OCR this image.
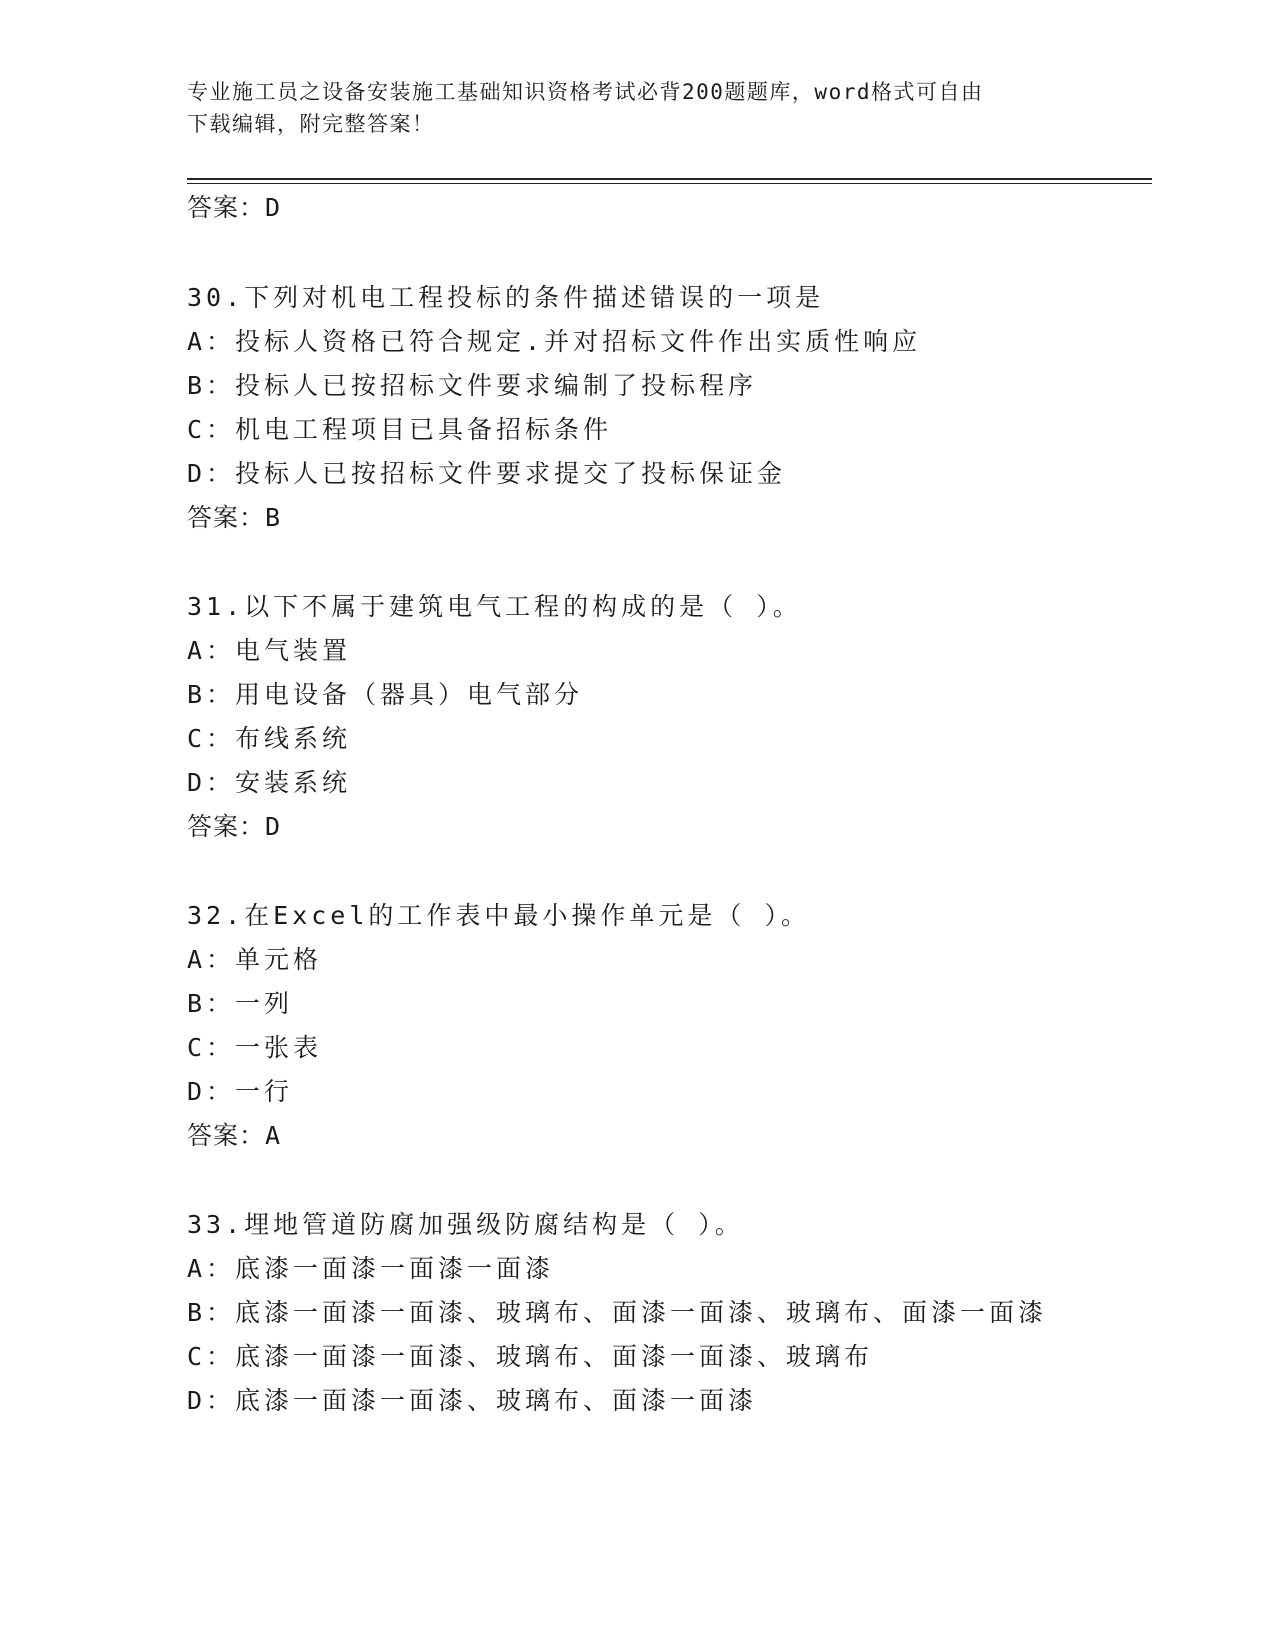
专业施工员之设备安装施工基础知识资格考试必背200题题库，word格式可自由
下载编辑，附完整答案！
答案：D
30.下列对机电工程投标的条件描述错误的一项是
A：投标人资格已符合规定.并对招标文件作出实质性响应
B：投标人已按招标文件要求编制了投标程序
C：机电工程项目已具备招标条件
D：投标人已按招标文件要求提交了投标保证金
答案：B
31.以下不属于建筑电气工程的构成的是（ ）。
A：电气装置
B：用电设备（器具）电气部分
C：布线系统
D：安装系统
答案：D
32.在Excel的工作表中最小操作单元是（ ）。
A：单元格
B：一列
C：一张表
D：一行
答案：A
33.埋地管道防腐加强级防腐结构是（ ）。
A：底漆一面漆一面漆一面漆
B：底漆一面漆一面漆、玻璃布、面漆一面漆、玻璃布、面漆一面漆
C：底漆一面漆一面漆、玻璃布、面漆一面漆、玻璃布
D：底漆一面漆一面漆、玻璃布、面漆一面漆
